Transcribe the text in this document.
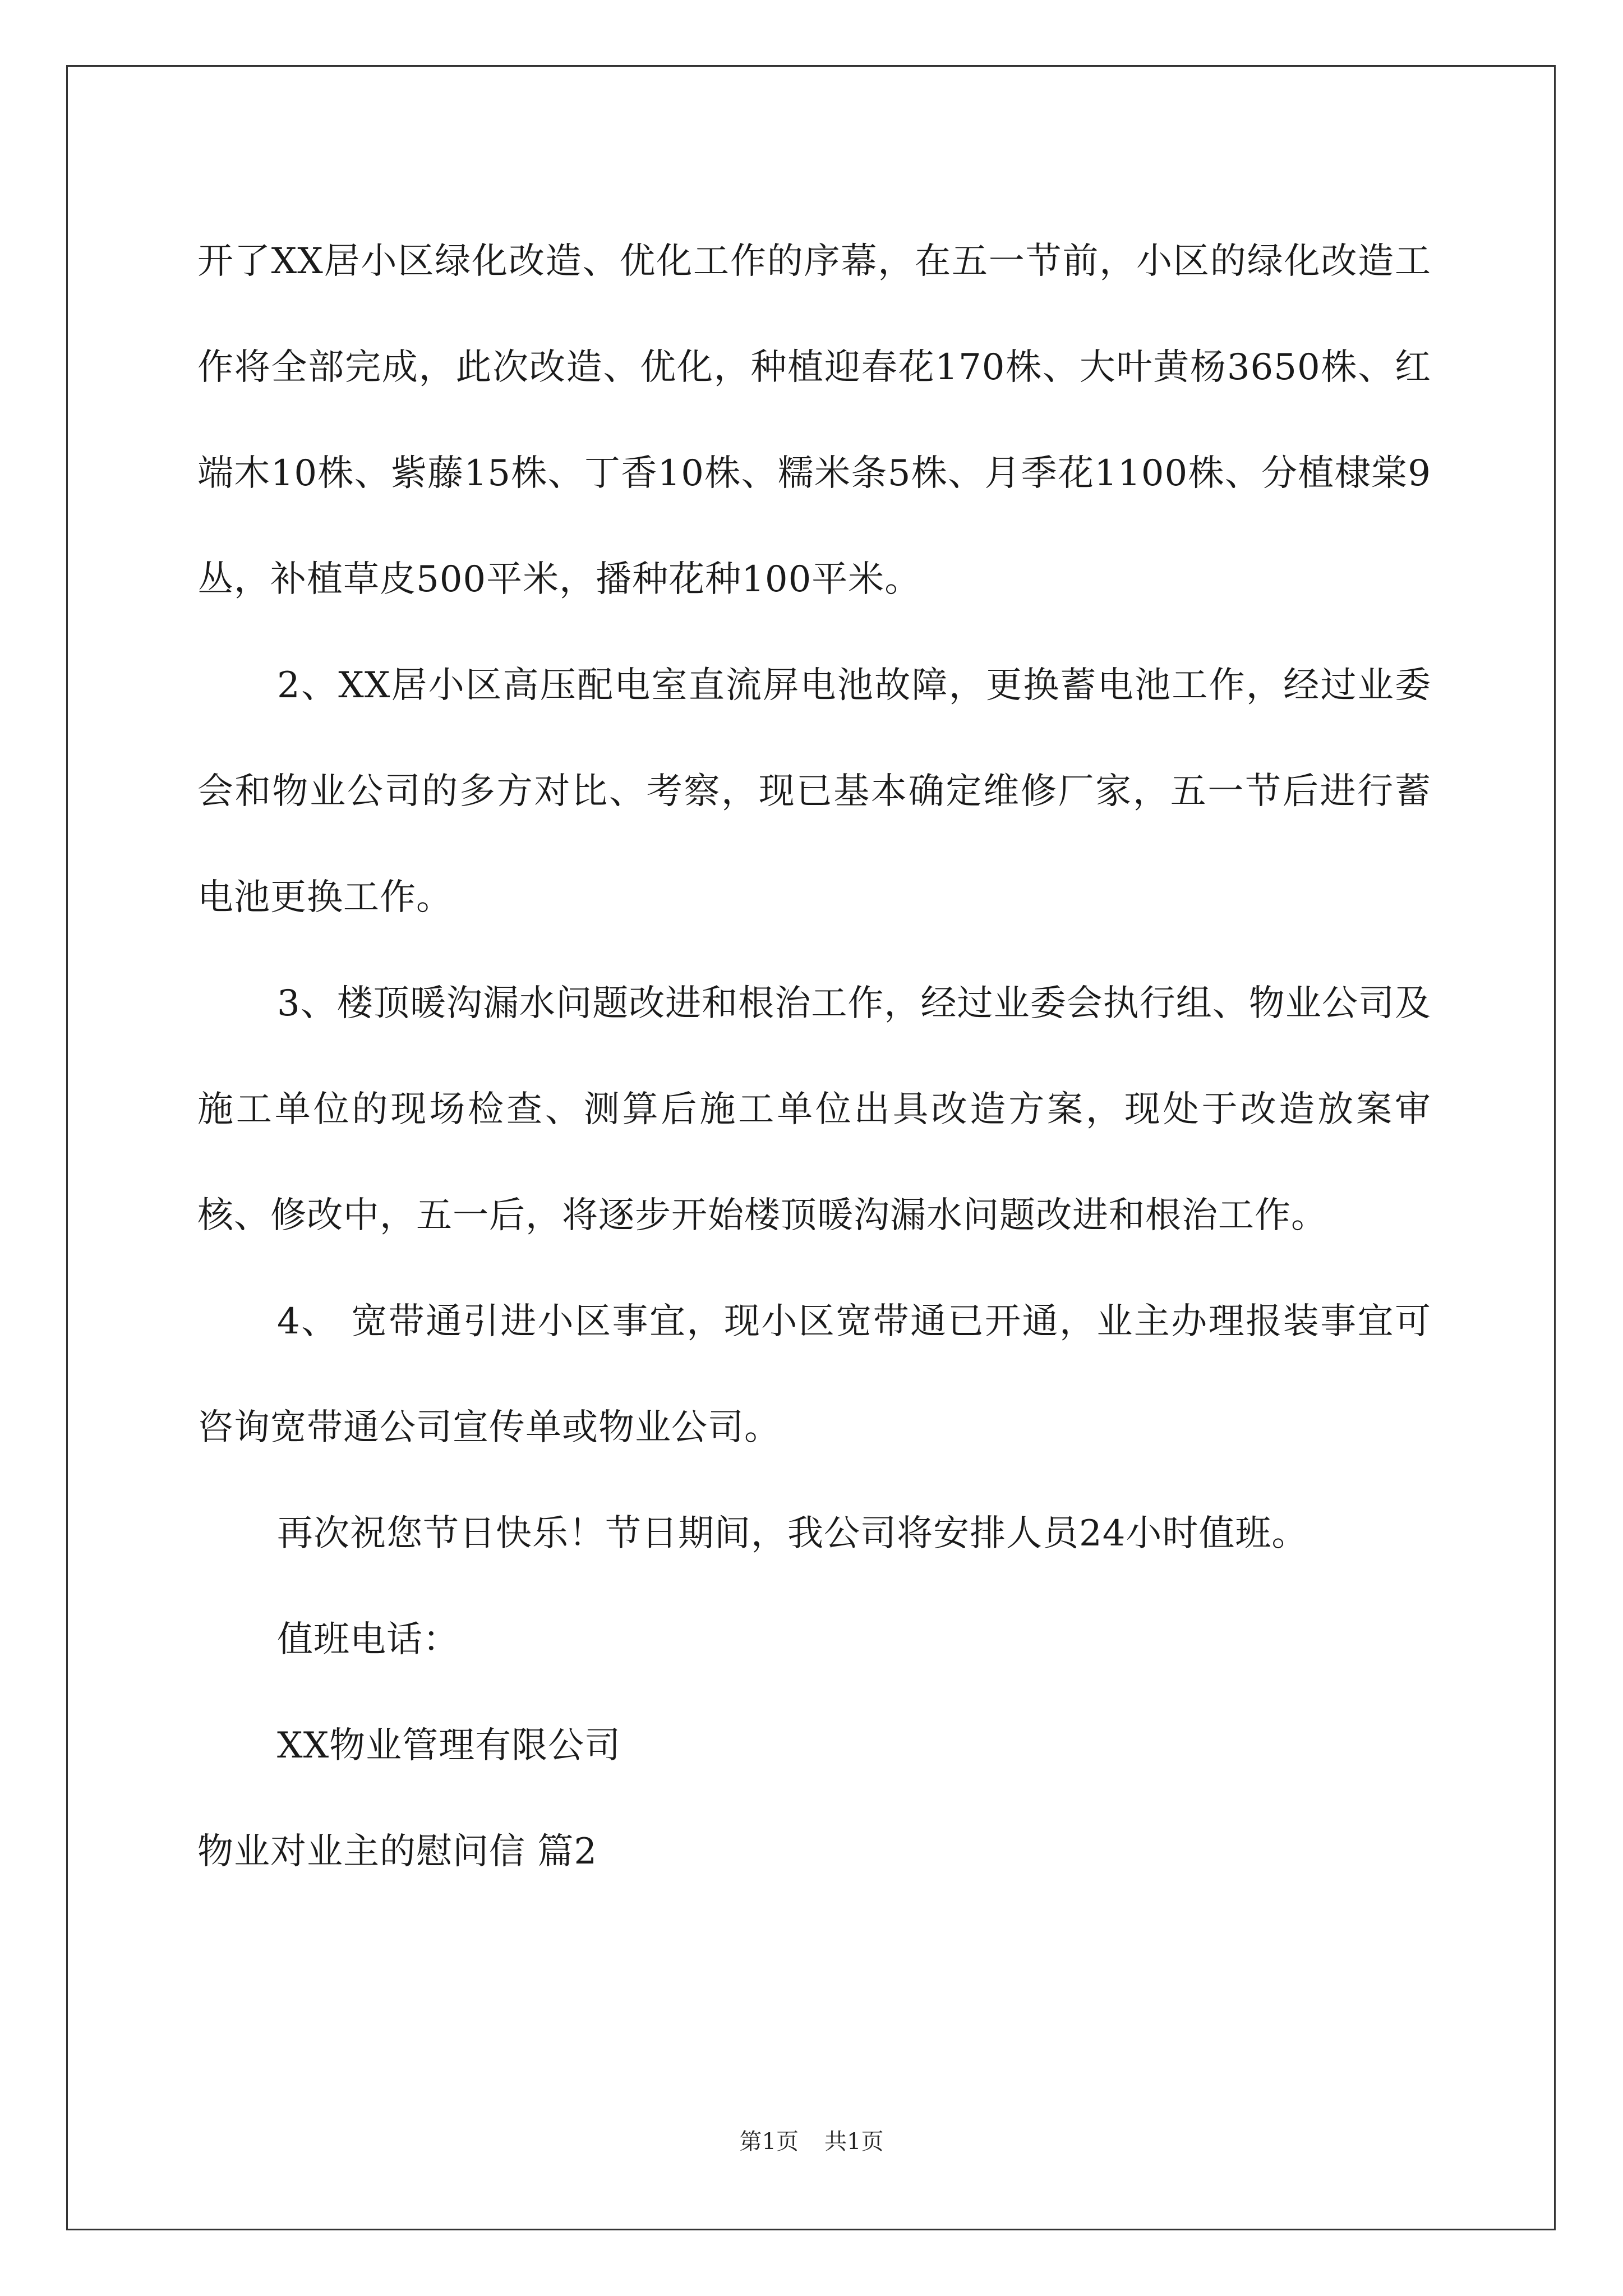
开了XX居小区绿化改造、优化工作的序幕，在五一节前，小区的绿化改造工作将全部完成，此次改造、优化，种植迎春花170株、大叶黄杨3650株、红端木10株、紫藤15株、丁香10株、糯米条5株、月季花1100株、分植棣棠9丛，补植草皮500平米，播种花种100平米。

2、XX居小区高压配电室直流屏电池故障，更换蓄电池工作，经过业委会和物业公司的多方对比、考察，现已基本确定维修厂家，五一节后进行蓄电池更换工作。

3、楼顶暖沟漏水问题改进和根治工作，经过业委会执行组、物业公司及施工单位的现场检查、测算后施工单位出具改造方案，现处于改造放案审核、修改中，五一后，将逐步开始楼顶暖沟漏水问题改进和根治工作。

4、 宽带通引进小区事宜，现小区宽带通已开通，业主办理报装事宜可咨询宽带通公司宣传单或物业公司。

再次祝您节日快乐！节日期间，我公司将安排人员24小时值班。

值班电话：

XX物业管理有限公司

物业对业主的慰问信 篇2

第1页 共1页
